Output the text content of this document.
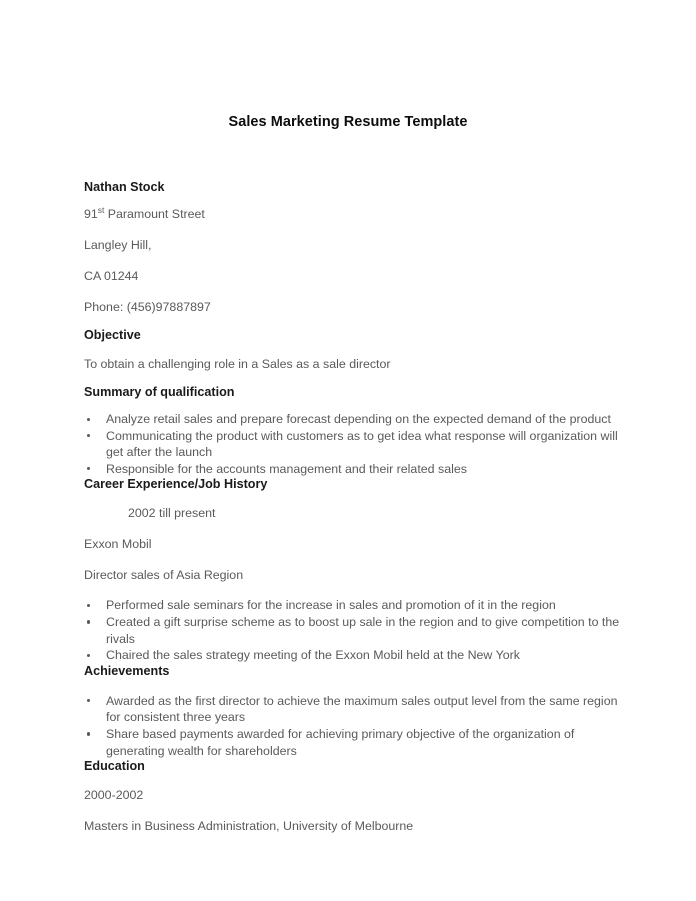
Sales Marketing Resume Template
Nathan Stock
91st Paramount Street
Langley Hill,
CA 01244
Phone: (456)97887897
Objective
To obtain a challenging role in a Sales as a sale director
Summary of qualification
Analyze retail sales and prepare forecast depending on the expected demand of the product
Communicating the product with customers as to get idea what response will organization will get after the launch
Responsible for the accounts management and their related sales
Career Experience/Job History
2002 till present
Exxon Mobil
Director sales of Asia Region
Performed sale seminars for the increase in sales and promotion of it in the region
Created a gift surprise scheme as to boost up sale in the region and to give competition to the rivals
Chaired the sales strategy meeting of the Exxon Mobil held at the New York
Achievements
Awarded as the first director to achieve the maximum sales output level from the same region for consistent three years
Share based payments awarded for achieving primary objective of the organization of generating wealth for shareholders
Education
2000-2002
Masters in Business Administration, University of Melbourne
